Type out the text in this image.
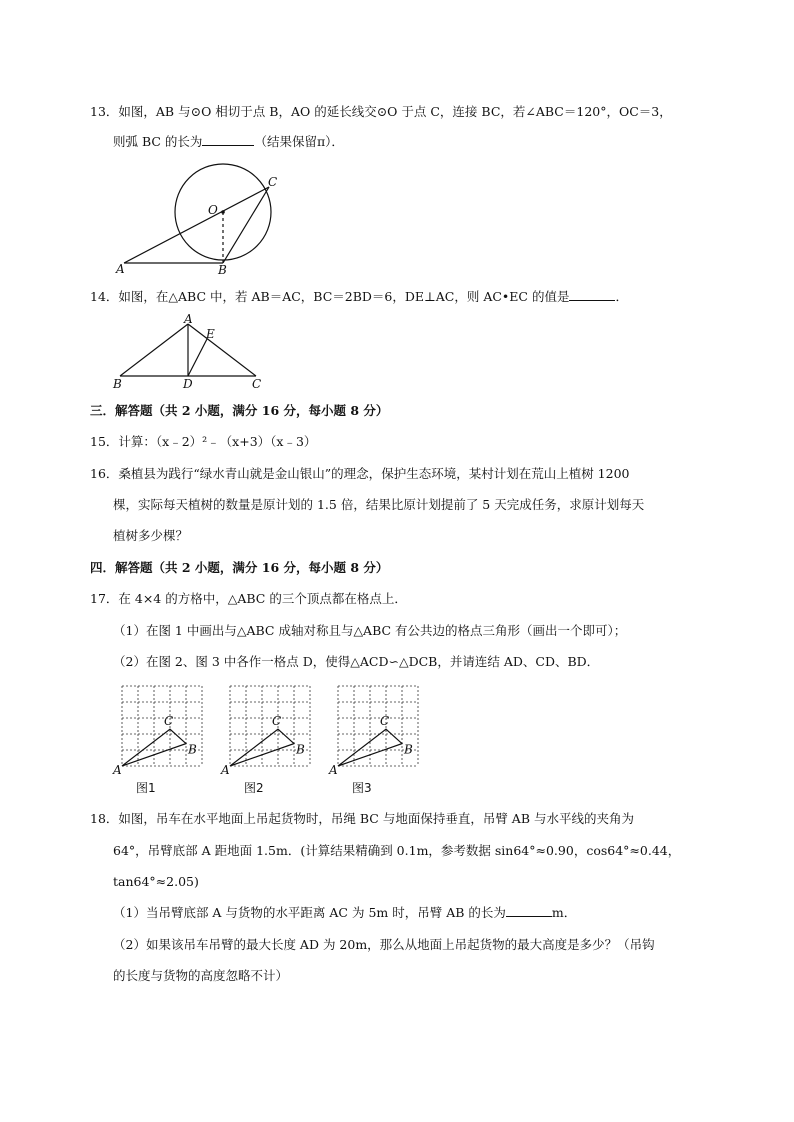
13．如图，AB 与⊙O 相切于点 B，AO 的延长线交⊙O 于点 C，连接 BC，若∠ABC＝120°，OC＝3，
则弧 BC 的长为	（结果保留π）．
O
C
A	B
14．如图，在△ABC 中，若 AB＝AC，BC＝2BD＝6，DE⊥AC，则 AC•EC 的值是	．
A
E
B	D	C
三．解答题（共 2 小题，满分 16 分，每小题 8 分）
15．计算：（x﹣2）²﹣（x+3）（x﹣3）
16．桑植县为践行“绿水青山就是金山银山”的理念，保护生态环境，某村计划在荒山上植树 1200
棵，实际每天植树的数量是原计划的 1.5 倍，结果比原计划提前了 5 天完成任务，求原计划每天
植树多少棵？
四．解答题（共 2 小题，满分 16 分，每小题 8 分）
17．在 4×4 的方格中，△ABC 的三个顶点都在格点上．
（1）在图 1 中画出与△ABC 成轴对称且与△ABC 有公共边的格点三角形（画出一个即可）；
（2）在图 2、图 3 中各作一格点 D，使得△ACD∽△DCB，并请连结 AD、CD、BD．
A
B
C
图1
A
B
C
图2
A
B
C
图3
18．如图，吊车在水平地面上吊起货物时，吊绳 BC 与地面保持垂直，吊臂 AB 与水平线的夹角为
64°，吊臂底部 A 距地面 1.5m．(计算结果精确到 0.1m，参考数据 sin64°≈0.90，cos64°≈0.44，
tan64°≈2.05)
（1）当吊臂底部 A 与货物的水平距离 AC 为 5m 时，吊臂 AB 的长为	m．
（2）如果该吊车吊臂的最大长度 AD 为 20m，那么从地面上吊起货物的最大高度是多少？（吊钩
的长度与货物的高度忽略不计）
